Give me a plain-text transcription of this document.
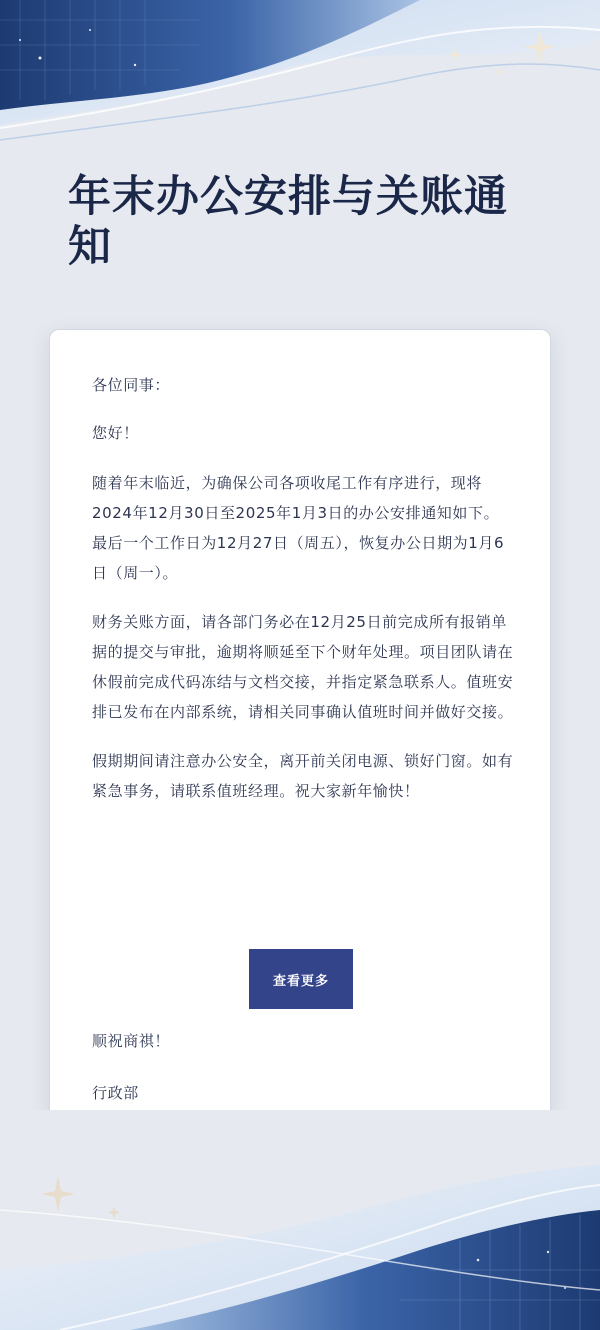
年末办公安排与关账通知

各位同事：

您好！

随着年末临近，为确保公司各项收尾工作有序进行，现将2024年12月30日至2025年1月3日的办公安排通知如下。最后一个工作日为12月27日（周五），恢复办公日期为1月6日（周一）。

财务关账方面，请各部门务必在12月25日前完成所有报销单据的提交与审批，逾期将顺延至下个财年处理。项目团队请在休假前完成代码冻结与文档交接，并指定紧急联系人。值班安排已发布在内部系统，请相关同事确认值班时间并做好交接。

假期期间请注意办公安全，离开前关闭电源、锁好门窗。如有紧急事务，请联系值班经理。祝大家新年愉快！

查看更多

顺祝商祺！

行政部
